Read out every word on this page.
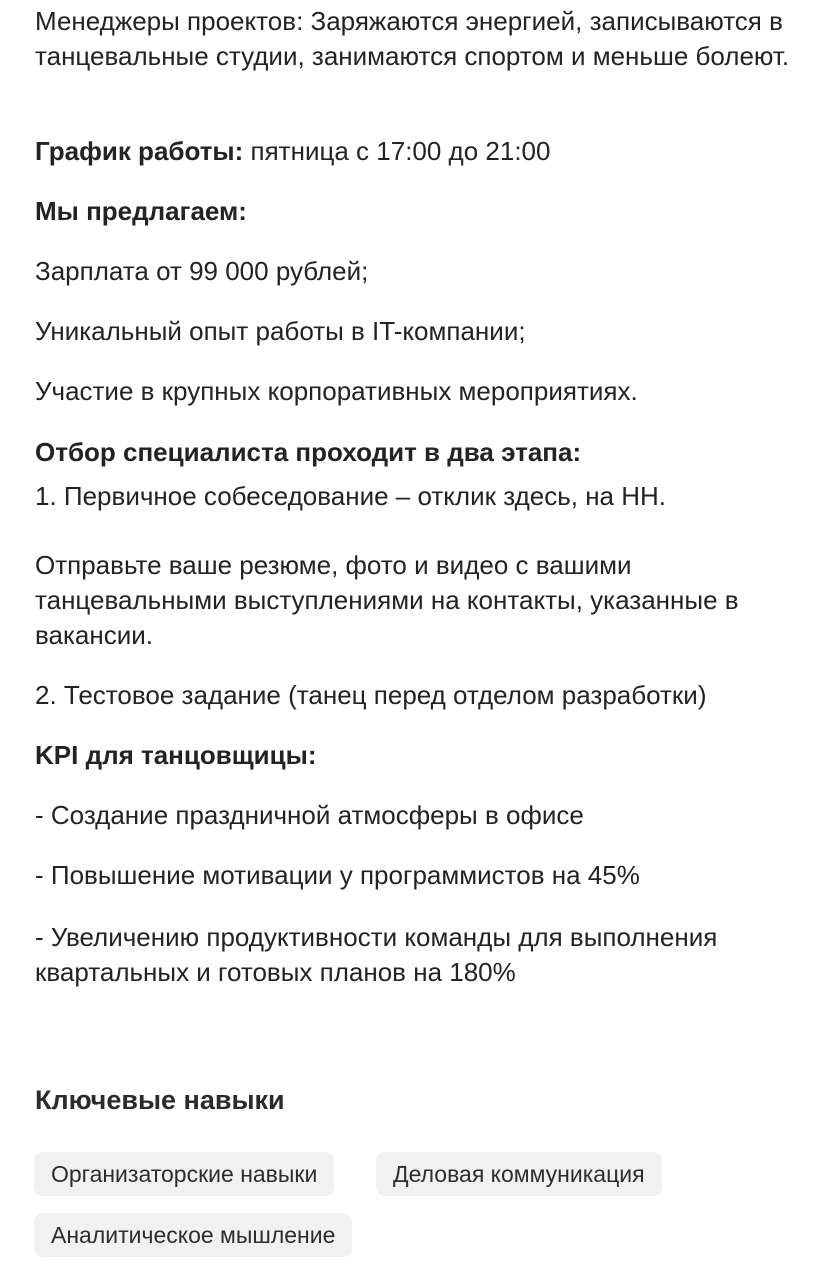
Менеджеры проектов: Заряжаются энергией, записываются в танцевальные студии, занимаются спортом и меньше болеют.

График работы: пятница с 17:00 до 21:00

Мы предлагаем:

Зарплата от 99 000 рублей;

Уникальный опыт работы в IT-компании;

Участие в крупных корпоративных мероприятиях.

Отбор специалиста проходит в два этапа:

1. Первичное собеседование – отклик здесь, на HH.

Отправьте ваше резюме, фото и видео с вашими танцевальными выступлениями на контакты, указанные в вакансии.

2. Тестовое задание (танец перед отделом разработки)

KPI для танцовщицы:

- Создание праздничной атмосферы в офисе

- Повышение мотивации у программистов на 45%

- Увеличению продуктивности команды для выполнения квартальных и готовых планов на 180%

Ключевые навыки

Организаторские навыки	Деловая коммуникация
Аналитическое мышление
